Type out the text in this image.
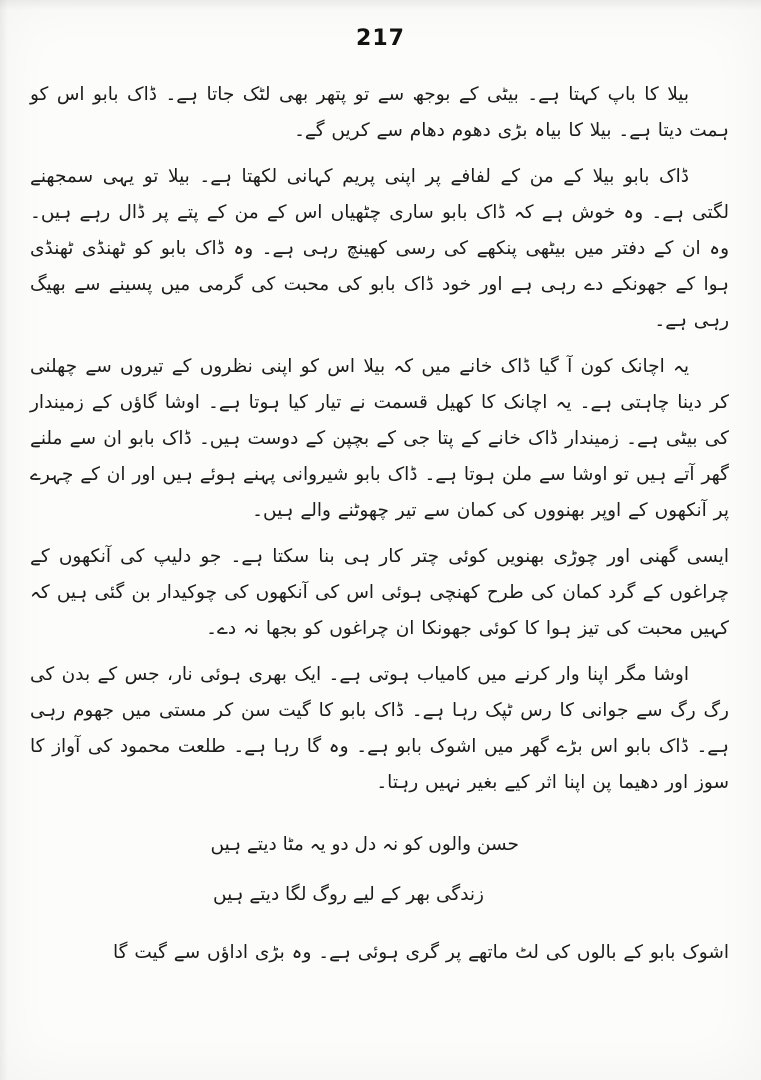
217

بیلا کا باپ کہتا ہے۔ بیٹی کے بوجھ سے تو پتھر بھی لٹک جاتا ہے۔ ڈاک بابو اس کو ہمت دیتا ہے۔ بیلا کا بیاہ بڑی دھوم دھام سے کریں گے۔

ڈاک بابو بیلا کے من کے لفافے پر اپنی پریم کہانی لکھتا ہے۔ بیلا تو یہی سمجھنے لگتی ہے۔ وہ خوش ہے کہ ڈاک بابو ساری چٹھیاں اس کے من کے پتے پر ڈال رہے ہیں۔ وہ ان کے دفتر میں بیٹھی پنکھے کی رسی کھینچ رہی ہے۔ وہ ڈاک بابو کو ٹھنڈی ٹھنڈی ہوا کے جھونکے دے رہی ہے اور خود ڈاک بابو کی محبت کی گرمی میں پسینے سے بھیگ رہی ہے۔

یہ اچانک کون آ گیا ڈاک خانے میں کہ بیلا اس کو اپنی نظروں کے تیروں سے چھلنی کر دینا چاہتی ہے۔ یہ اچانک کا کھیل قسمت نے تیار کیا ہوتا ہے۔ اوشا گاؤں کے زمیندار کی بیٹی ہے۔ زمیندار ڈاک خانے کے پتا جی کے بچپن کے دوست ہیں۔ ڈاک بابو ان سے ملنے گھر آتے ہیں تو اوشا سے ملن ہوتا ہے۔ ڈاک بابو شیروانی پہنے ہوئے ہیں اور ان کے چہرے پر آنکھوں کے اوپر بھنووں کی کمان سے تیر چھوٹنے والے ہیں۔

ایسی گھنی اور چوڑی بھنویں کوئی چتر کار ہی بنا سکتا ہے۔ جو دلیپ کی آنکھوں کے چراغوں کے گرد کمان کی طرح کھنچی ہوئی اس کی آنکھوں کی چوکیدار بن گئی ہیں کہ کہیں محبت کی تیز ہوا کا کوئی جھونکا ان چراغوں کو بجھا نہ دے۔

اوشا مگر اپنا وار کرنے میں کامیاب ہوتی ہے۔ ایک بھری ہوئی نار، جس کے بدن کی رگ رگ سے جوانی کا رس ٹپک رہا ہے۔ ڈاک بابو کا گیت سن کر مستی میں جھوم رہی ہے۔ ڈاک بابو اس بڑے گھر میں اشوک بابو ہے۔ وہ گا رہا ہے۔ طلعت محمود کی آواز کا سوز اور دھیما پن اپنا اثر کیے بغیر نہیں رہتا۔

حسن والوں کو نہ دل دو یہ مٹا دیتے ہیں

زندگی بھر کے لیے روگ لگا دیتے ہیں

اشوک بابو کے بالوں کی لٹ ماتھے پر گری ہوئی ہے۔ وہ بڑی اداؤں سے گیت گا
